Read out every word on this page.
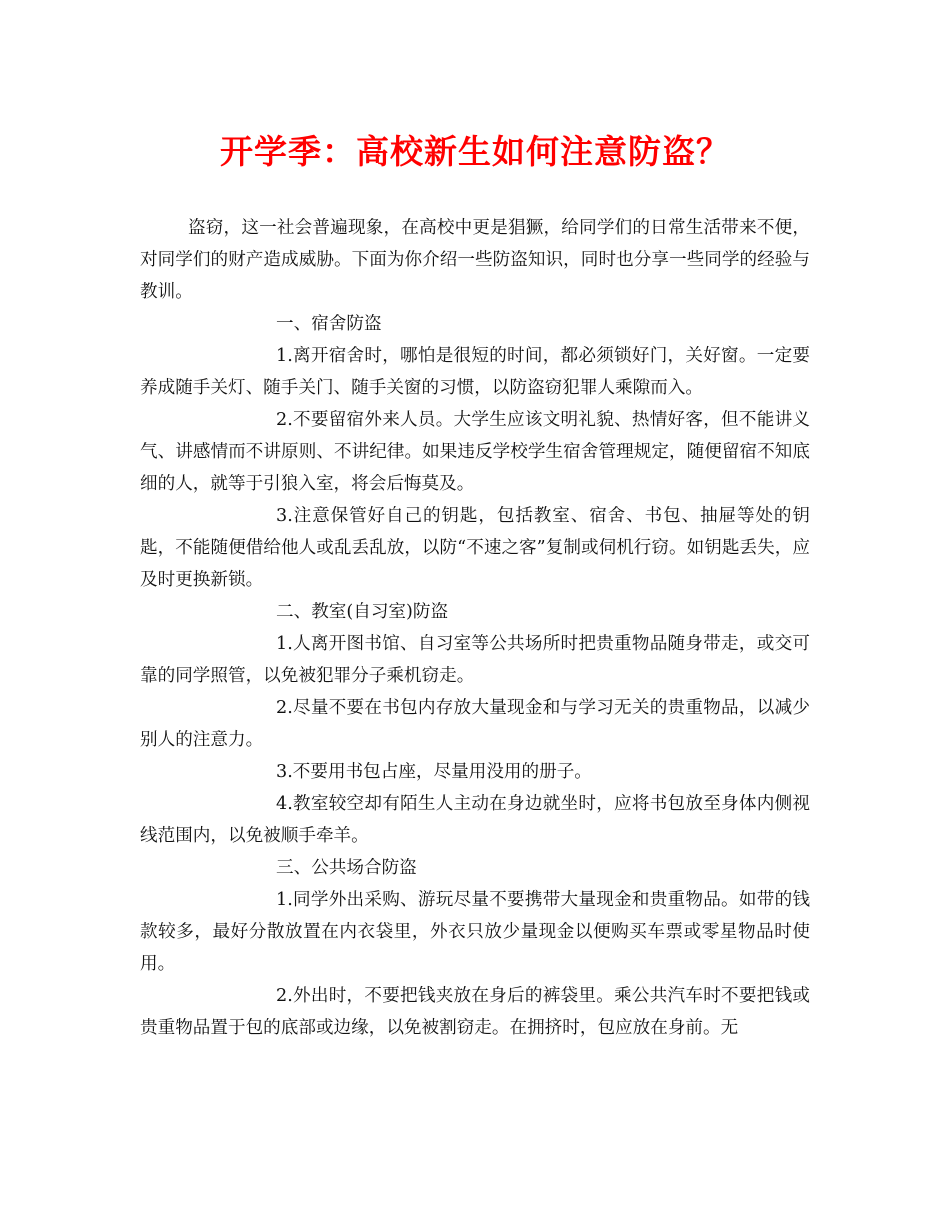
开学季：高校新生如何注意防盗？

盗窃，这一社会普遍现象，在高校中更是猖獗，给同学们的日常生活带来不便，对同学们的财产造成威胁。下面为你介绍一些防盗知识，同时也分享一些同学的经验与教训。

一、宿舍防盗

1.离开宿舍时，哪怕是很短的时间，都必须锁好门，关好窗。一定要养成随手关灯、随手关门、随手关窗的习惯，以防盗窃犯罪人乘隙而入。

2.不要留宿外来人员。大学生应该文明礼貌、热情好客，但不能讲义气、讲感情而不讲原则、不讲纪律。如果违反学校学生宿舍管理规定，随便留宿不知底细的人，就等于引狼入室，将会后悔莫及。

3.注意保管好自己的钥匙，包括教室、宿舍、书包、抽屉等处的钥匙，不能随便借给他人或乱丢乱放，以防“不速之客”复制或伺机行窃。如钥匙丢失，应及时更换新锁。

二、教室(自习室)防盗

1.人离开图书馆、自习室等公共场所时把贵重物品随身带走，或交可靠的同学照管，以免被犯罪分子乘机窃走。

2.尽量不要在书包内存放大量现金和与学习无关的贵重物品，以减少别人的注意力。

3.不要用书包占座，尽量用没用的册子。

4.教室较空却有陌生人主动在身边就坐时，应将书包放至身体内侧视线范围内，以免被顺手牵羊。

三、公共场合防盗

1.同学外出采购、游玩尽量不要携带大量现金和贵重物品。如带的钱款较多，最好分散放置在内衣袋里，外衣只放少量现金以便购买车票或零星物品时使用。

2.外出时，不要把钱夹放在身后的裤袋里。乘公共汽车时不要把钱或贵重物品置于包的底部或边缘，以免被割窃走。在拥挤时，包应放在身前。无
